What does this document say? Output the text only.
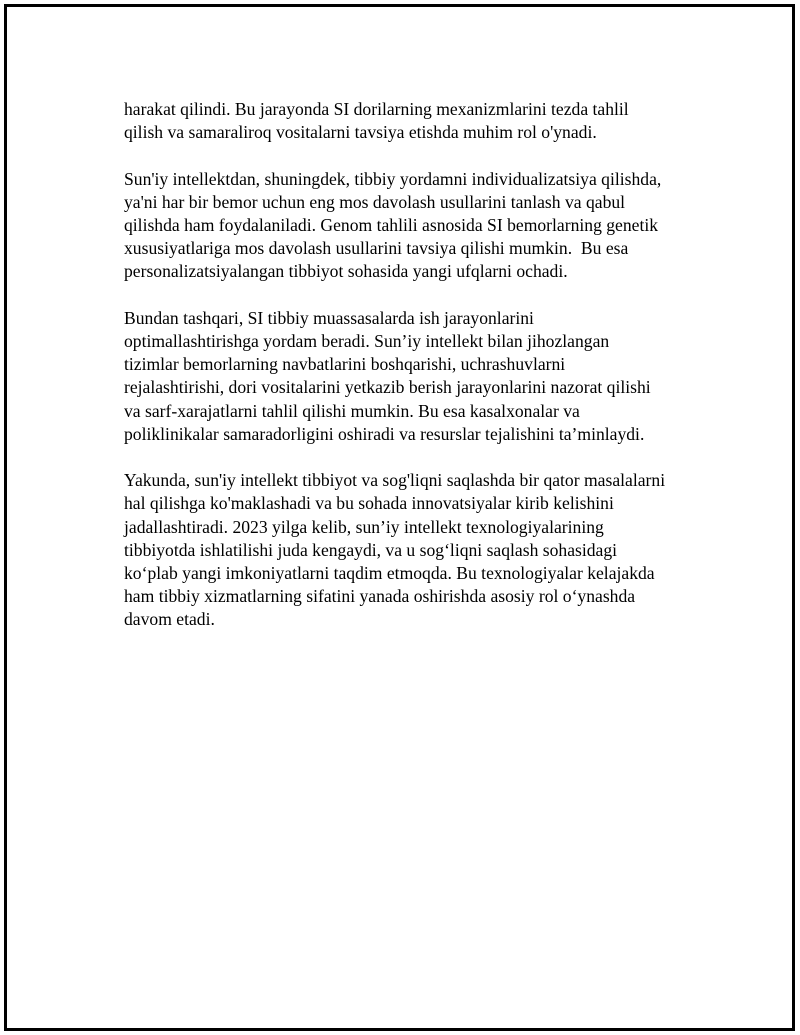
harakat qilindi. Bu jarayonda SI dorilarning mexanizmlarini tezda tahlil
qilish va samaraliroq vositalarni tavsiya etishda muhim rol o'ynadi.

Sun'iy intellektdan, shuningdek, tibbiy yordamni individualizatsiya qilishda,
ya'ni har bir bemor uchun eng mos davolash usullarini tanlash va qabul
qilishda ham foydalaniladi. Genom tahlili asnosida SI bemorlarning genetik
xususiyatlariga mos davolash usullarini tavsiya qilishi mumkin.  Bu esa
personalizatsiyalangan tibbiyot sohasida yangi ufqlarni ochadi.

Bundan tashqari, SI tibbiy muassasalarda ish jarayonlarini
optimallashtirishga yordam beradi. Sun’iy intellekt bilan jihozlangan
tizimlar bemorlarning navbatlarini boshqarishi, uchrashuvlarni
rejalashtirishi, dori vositalarini yetkazib berish jarayonlarini nazorat qilishi
va sarf-xarajatlarni tahlil qilishi mumkin. Bu esa kasalxonalar va
poliklinikalar samaradorligini oshiradi va resurslar tejalishini ta’minlaydi.

Yakunda, sun'iy intellekt tibbiyot va sog'liqni saqlashda bir qator masalalarni
hal qilishga ko'maklashadi va bu sohada innovatsiyalar kirib kelishini
jadallashtiradi. 2023 yilga kelib, sun’iy intellekt texnologiyalarining
tibbiyotda ishlatilishi juda kengaydi, va u sog‘liqni saqlash sohasidagi
ko‘plab yangi imkoniyatlarni taqdim etmoqda. Bu texnologiyalar kelajakda
ham tibbiy xizmatlarning sifatini yanada oshirishda asosiy rol o‘ynashda
davom etadi.
